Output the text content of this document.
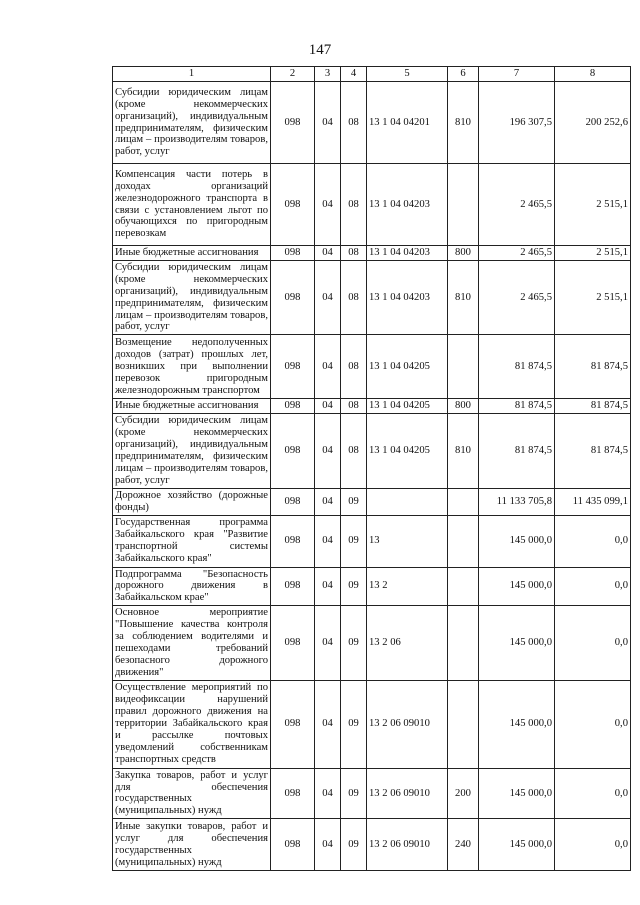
147
1	2	3	4	5	6	7	8
Субсидии юридическим лицам (кроме некоммерческих организаций), индивидуальным предпринимателям, физическим лицам – производителям товаров, работ, услуг	098	04	08	13 1 04 04201	810	196 307,5	200 252,6
Компенсация части потерь в доходах организаций железнодорожного транспорта в связи с установлением льгот по обучающихся по пригородным перевозкам	098	04	08	13 1 04 04203		2 465,5	2 515,1
Иные бюджетные ассигнования	098	04	08	13 1 04 04203	800	2 465,5	2 515,1
Субсидии юридическим лицам (кроме некоммерческих организаций), индивидуальным предпринимателям, физическим лицам – производителям товаров, работ, услуг	098	04	08	13 1 04 04203	810	2 465,5	2 515,1
Возмещение недополученных доходов (затрат) прошлых лет, возникших при выполнении перевозок пригородным железнодорожным транспортом	098	04	08	13 1 04 04205		81 874,5	81 874,5
Иные бюджетные ассигнования	098	04	08	13 1 04 04205	800	81 874,5	81 874,5
Субсидии юридическим лицам (кроме некоммерческих организаций), индивидуальным предпринимателям, физическим лицам – производителям товаров, работ, услуг	098	04	08	13 1 04 04205	810	81 874,5	81 874,5
Дорожное хозяйство (дорожные фонды)	098	04	09			11 133 705,8	11 435 099,1
Государственная программа Забайкальского края "Развитие транспортной системы Забайкальского края"	098	04	09	13		145 000,0	0,0
Подпрограмма "Безопасность дорожного движения в Забайкальском крае"	098	04	09	13 2		145 000,0	0,0
Основное мероприятие "Повышение качества контроля за соблюдением водителями и пешеходами требований безопасного дорожного движения"	098	04	09	13 2 06		145 000,0	0,0
Осуществление мероприятий по видеофиксации нарушений правил дорожного движения на территории Забайкальского края и рассылке почтовых уведомлений собственникам транспортных средств	098	04	09	13 2 06 09010		145 000,0	0,0
Закупка товаров, работ и услуг для обеспечения государственных (муниципальных) нужд	098	04	09	13 2 06 09010	200	145 000,0	0,0
Иные закупки товаров, работ и услуг для обеспечения государственных (муниципальных) нужд	098	04	09	13 2 06 09010	240	145 000,0	0,0
